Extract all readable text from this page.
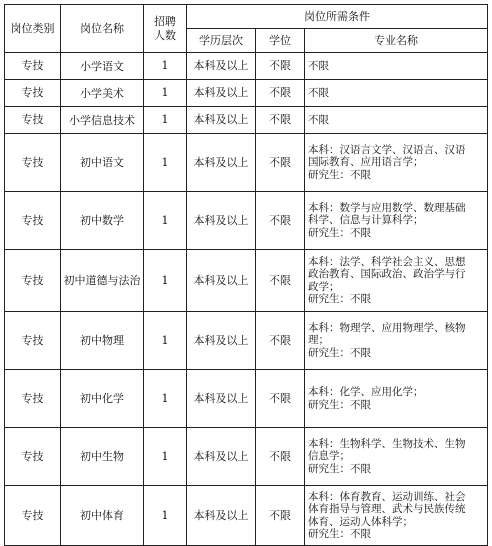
岗位类别	岗位名称	招聘人数	岗位所需条件		
			学历层次	学位	专业名称
专技	小学语文	1	本科及以上	不限	不限

专技	小学美术	1	本科及以上	不限	不限

专技	小学信息技术	1	本科及以上	不限	不限

专技	初中语文	1	本科及以上	不限	本科：汉语言文学、汉语言、汉语
国际教育、应用语言学；
研究生：不限

专技	初中数学	1	本科及以上	不限	本科：数学与应用数学、数理基础
科学、信息与计算科学；
研究生：不限

专技	初中道德与法治	1	本科及以上	不限	本科：法学、科学社会主义、思想
政治教育、国际政治、政治学与行
政学；
研究生：不限

专技	初中物理	1	本科及以上	不限	本科：物理学、应用物理学、核物
理；
研究生：不限

专技	初中化学	1	本科及以上	不限	本科：化学、应用化学；
研究生：不限

专技	初中生物	1	本科及以上	不限	本科：生物科学、生物技术、生物
信息学；
研究生：不限

专技	初中体育	1	本科及以上	不限	本科：体育教育、运动训练、社会
体育指导与管理、武术与民族传统
体育、运动人体科学；
研究生：不限
